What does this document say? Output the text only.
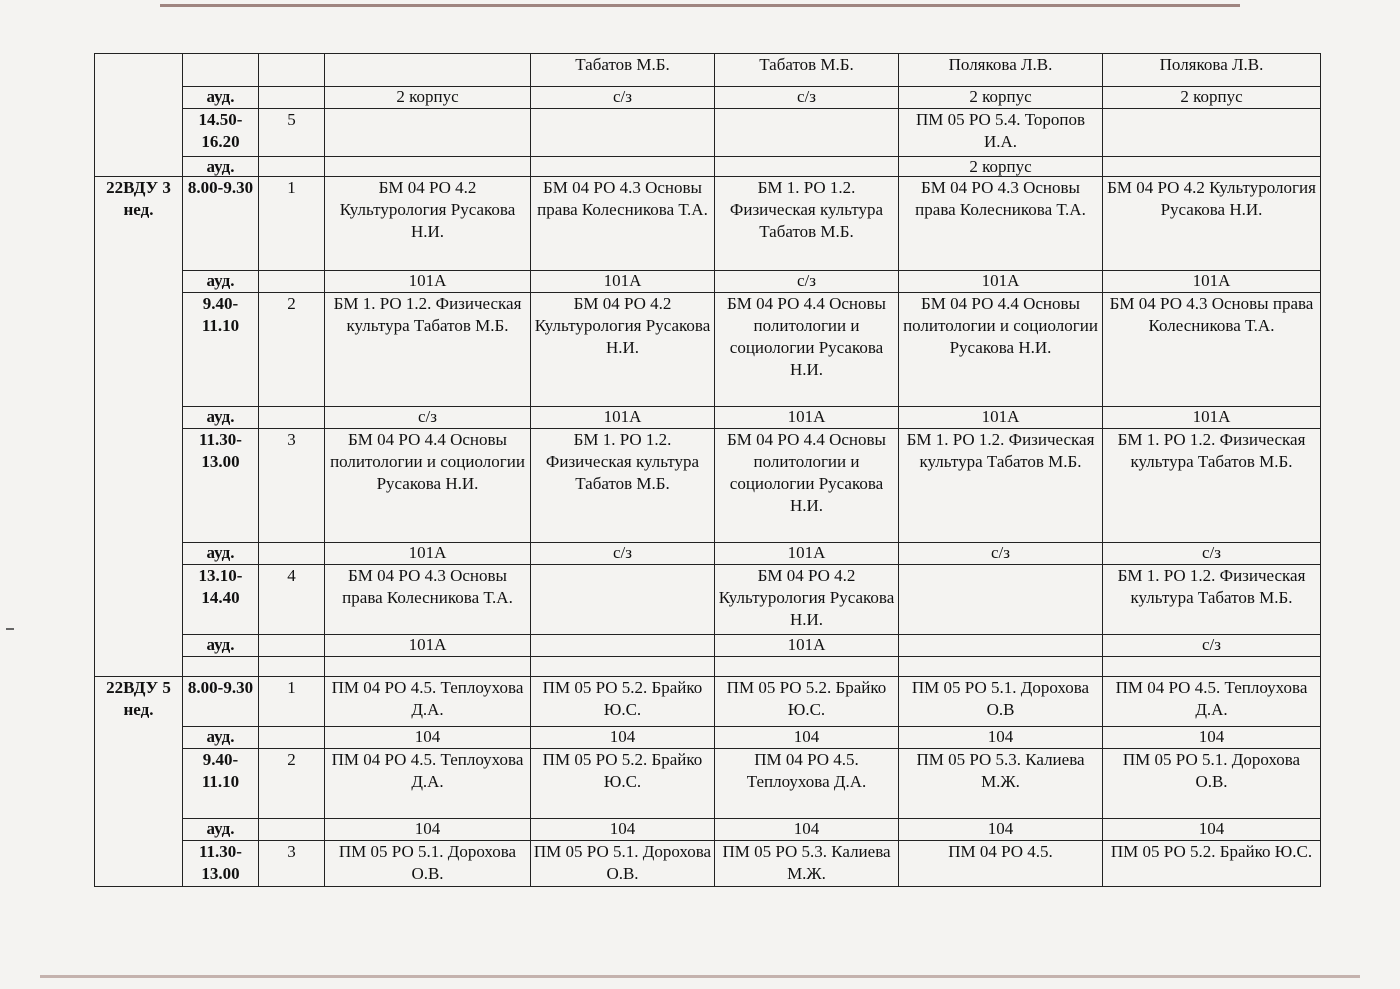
				Табатов М.Б.	Табатов М.Б.	Полякова Л.В.	Полякова Л.В.
	ауд.		2 корпус	с/з	с/з	2 корпус	2 корпус
	14.50-16.20	5				ПМ 05 РО 5.4. Торопов И.А.	
	ауд.					2 корпус	
22ВДУ 3 нед.	8.00-9.30	1	БМ 04 РО 4.2 Культурология Русакова Н.И.	БМ 04 РО 4.3 Основы права Колесникова Т.А.	БМ 1. РО 1.2. Физическая культура Табатов М.Б.	БМ 04 РО 4.3 Основы права Колесникова Т.А.	БМ 04 РО 4.2 Культурология Русакова Н.И.
	ауд.		101А	101А	с/з	101А	101А
	9.40-11.10	2	БМ 1. РО 1.2. Физическая культура Табатов М.Б.	БМ 04 РО 4.2 Культурология Русакова Н.И.	БМ 04 РО 4.4 Основы политологии и социологии Русакова Н.И.	БМ 04 РО 4.4 Основы политологии и социологии Русакова Н.И.	БМ 04 РО 4.3 Основы права Колесникова Т.А.
	ауд.		с/з	101А	101А	101А	101А
	11.30-13.00	3	БМ 04 РО 4.4 Основы политологии и социологии Русакова Н.И.	БМ 1. РО 1.2. Физическая культура Табатов М.Б.	БМ 04 РО 4.4 Основы политологии и социологии Русакова Н.И.	БМ 1. РО 1.2. Физическая культура Табатов М.Б.	БМ 1. РО 1.2. Физическая культура Табатов М.Б.
	ауд.		101А	с/з	101А	с/з	с/з
	13.10-14.40	4	БМ 04 РО 4.3 Основы права Колесникова Т.А.		БМ 04 РО 4.2 Культурология Русакова Н.И.		БМ 1. РО 1.2. Физическая культура Табатов М.Б.
	ауд.		101А		101А		с/з

22ВДУ 5 нед.	8.00-9.30	1	ПМ 04 РО 4.5. Теплоухова Д.А.	ПМ 05 РО 5.2. Брайко Ю.С.	ПМ 05 РО 5.2. Брайко Ю.С.	ПМ 05 РО 5.1. Дорохова О.В	ПМ 04 РО 4.5. Теплоухова Д.А.
	ауд.		104	104	104	104	104
	9.40-11.10	2	ПМ 04 РО 4.5. Теплоухова Д.А.	ПМ 05 РО 5.2. Брайко Ю.С.	ПМ 04 РО 4.5. Теплоухова Д.А.	ПМ 05 РО 5.3. Калиева М.Ж.	ПМ 05 РО 5.1. Дорохова О.В.
	ауд.		104	104	104	104	104
	11.30-13.00	3	ПМ 05 РО 5.1. Дорохова О.В.	ПМ 05 РО 5.1. Дорохова О.В.	ПМ 05 РО 5.3. Калиева М.Ж.	ПМ 04 РО 4.5.	ПМ 05 РО 5.2. Брайко Ю.С.
